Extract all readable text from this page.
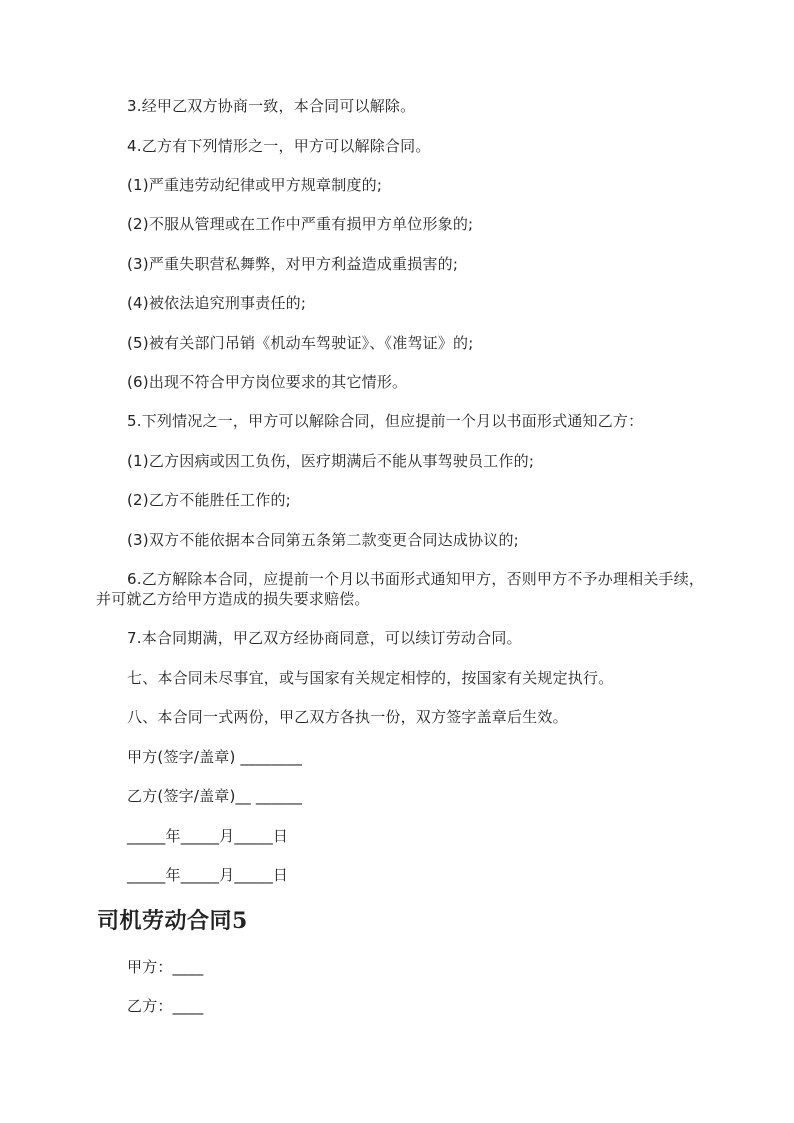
3.经甲乙双方协商一致，本合同可以解除。
4.乙方有下列情形之一，甲方可以解除合同。
(1)严重违劳动纪律或甲方规章制度的;
(2)不服从管理或在工作中严重有损甲方单位形象的;
(3)严重失职营私舞弊，对甲方利益造成重损害的;
(4)被依法追究刑事责任的;
(5)被有关部门吊销《机动车驾驶证》、《准驾证》的;
(6)出现不符合甲方岗位要求的其它情形。
5.下列情况之一，甲方可以解除合同，但应提前一个月以书面形式通知乙方：
(1)乙方因病或因工负伤，医疗期满后不能从事驾驶员工作的;
(2)乙方不能胜任工作的;
(3)双方不能依据本合同第五条第二款变更合同达成协议的;
6.乙方解除本合同，应提前一个月以书面形式通知甲方，否则甲方不予办理相关手续，并可就乙方给甲方造成的损失要求赔偿。
7.本合同期满，甲乙双方经协商同意，可以续订劳动合同。
七、本合同未尽事宜，或与国家有关规定相悖的，按国家有关规定执行。
八、本合同一式两份，甲乙双方各执一份，双方签字盖章后生效。
甲方(签字/盖章) ________
乙方(签字/盖章)__ ______
_____年_____月_____日
_____年_____月_____日
司机劳动合同5
甲方：____
乙方：____
